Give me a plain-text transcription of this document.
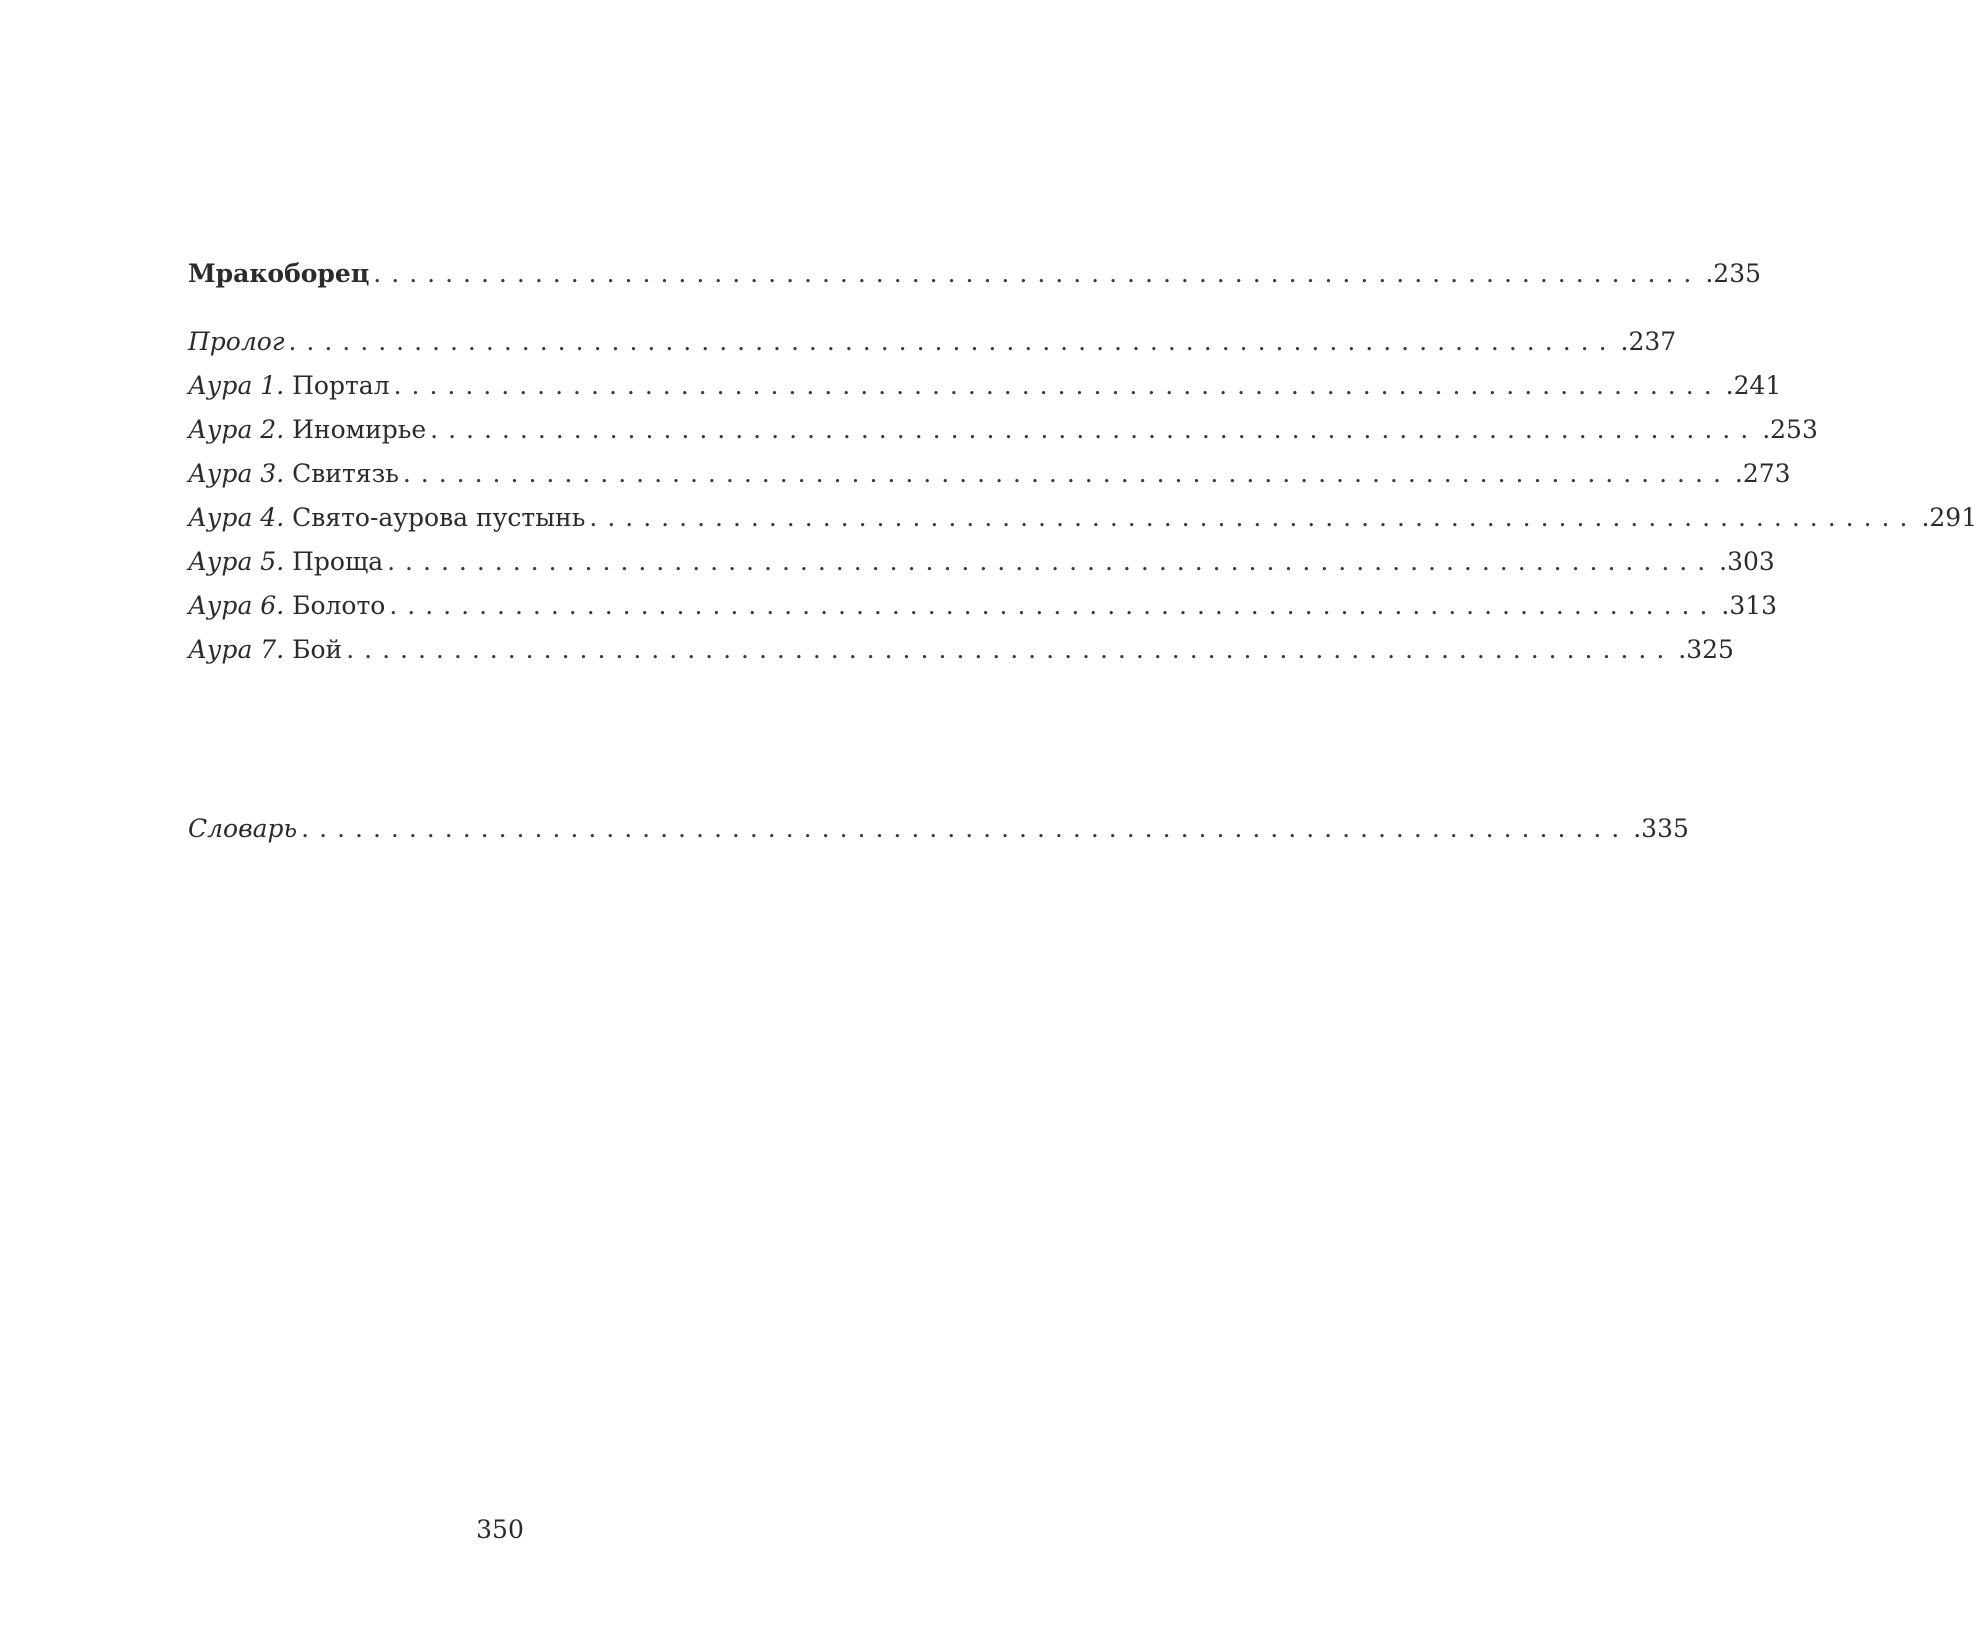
Мракоборец .......................................................................... .235
Пролог .......................................................................... .237
Аура 1. Портал .......................................................................... .241
Аура 2. Иномирье .......................................................................... .253
Аура 3. Свитязь .......................................................................... .273
Аура 4. Свято-аурова пустынь .......................................................................... .291
Аура 5. Проща .......................................................................... .303
Аура 6. Болото .......................................................................... .313
Аура 7. Бой .......................................................................... .325
Словарь .......................................................................... .335
350
